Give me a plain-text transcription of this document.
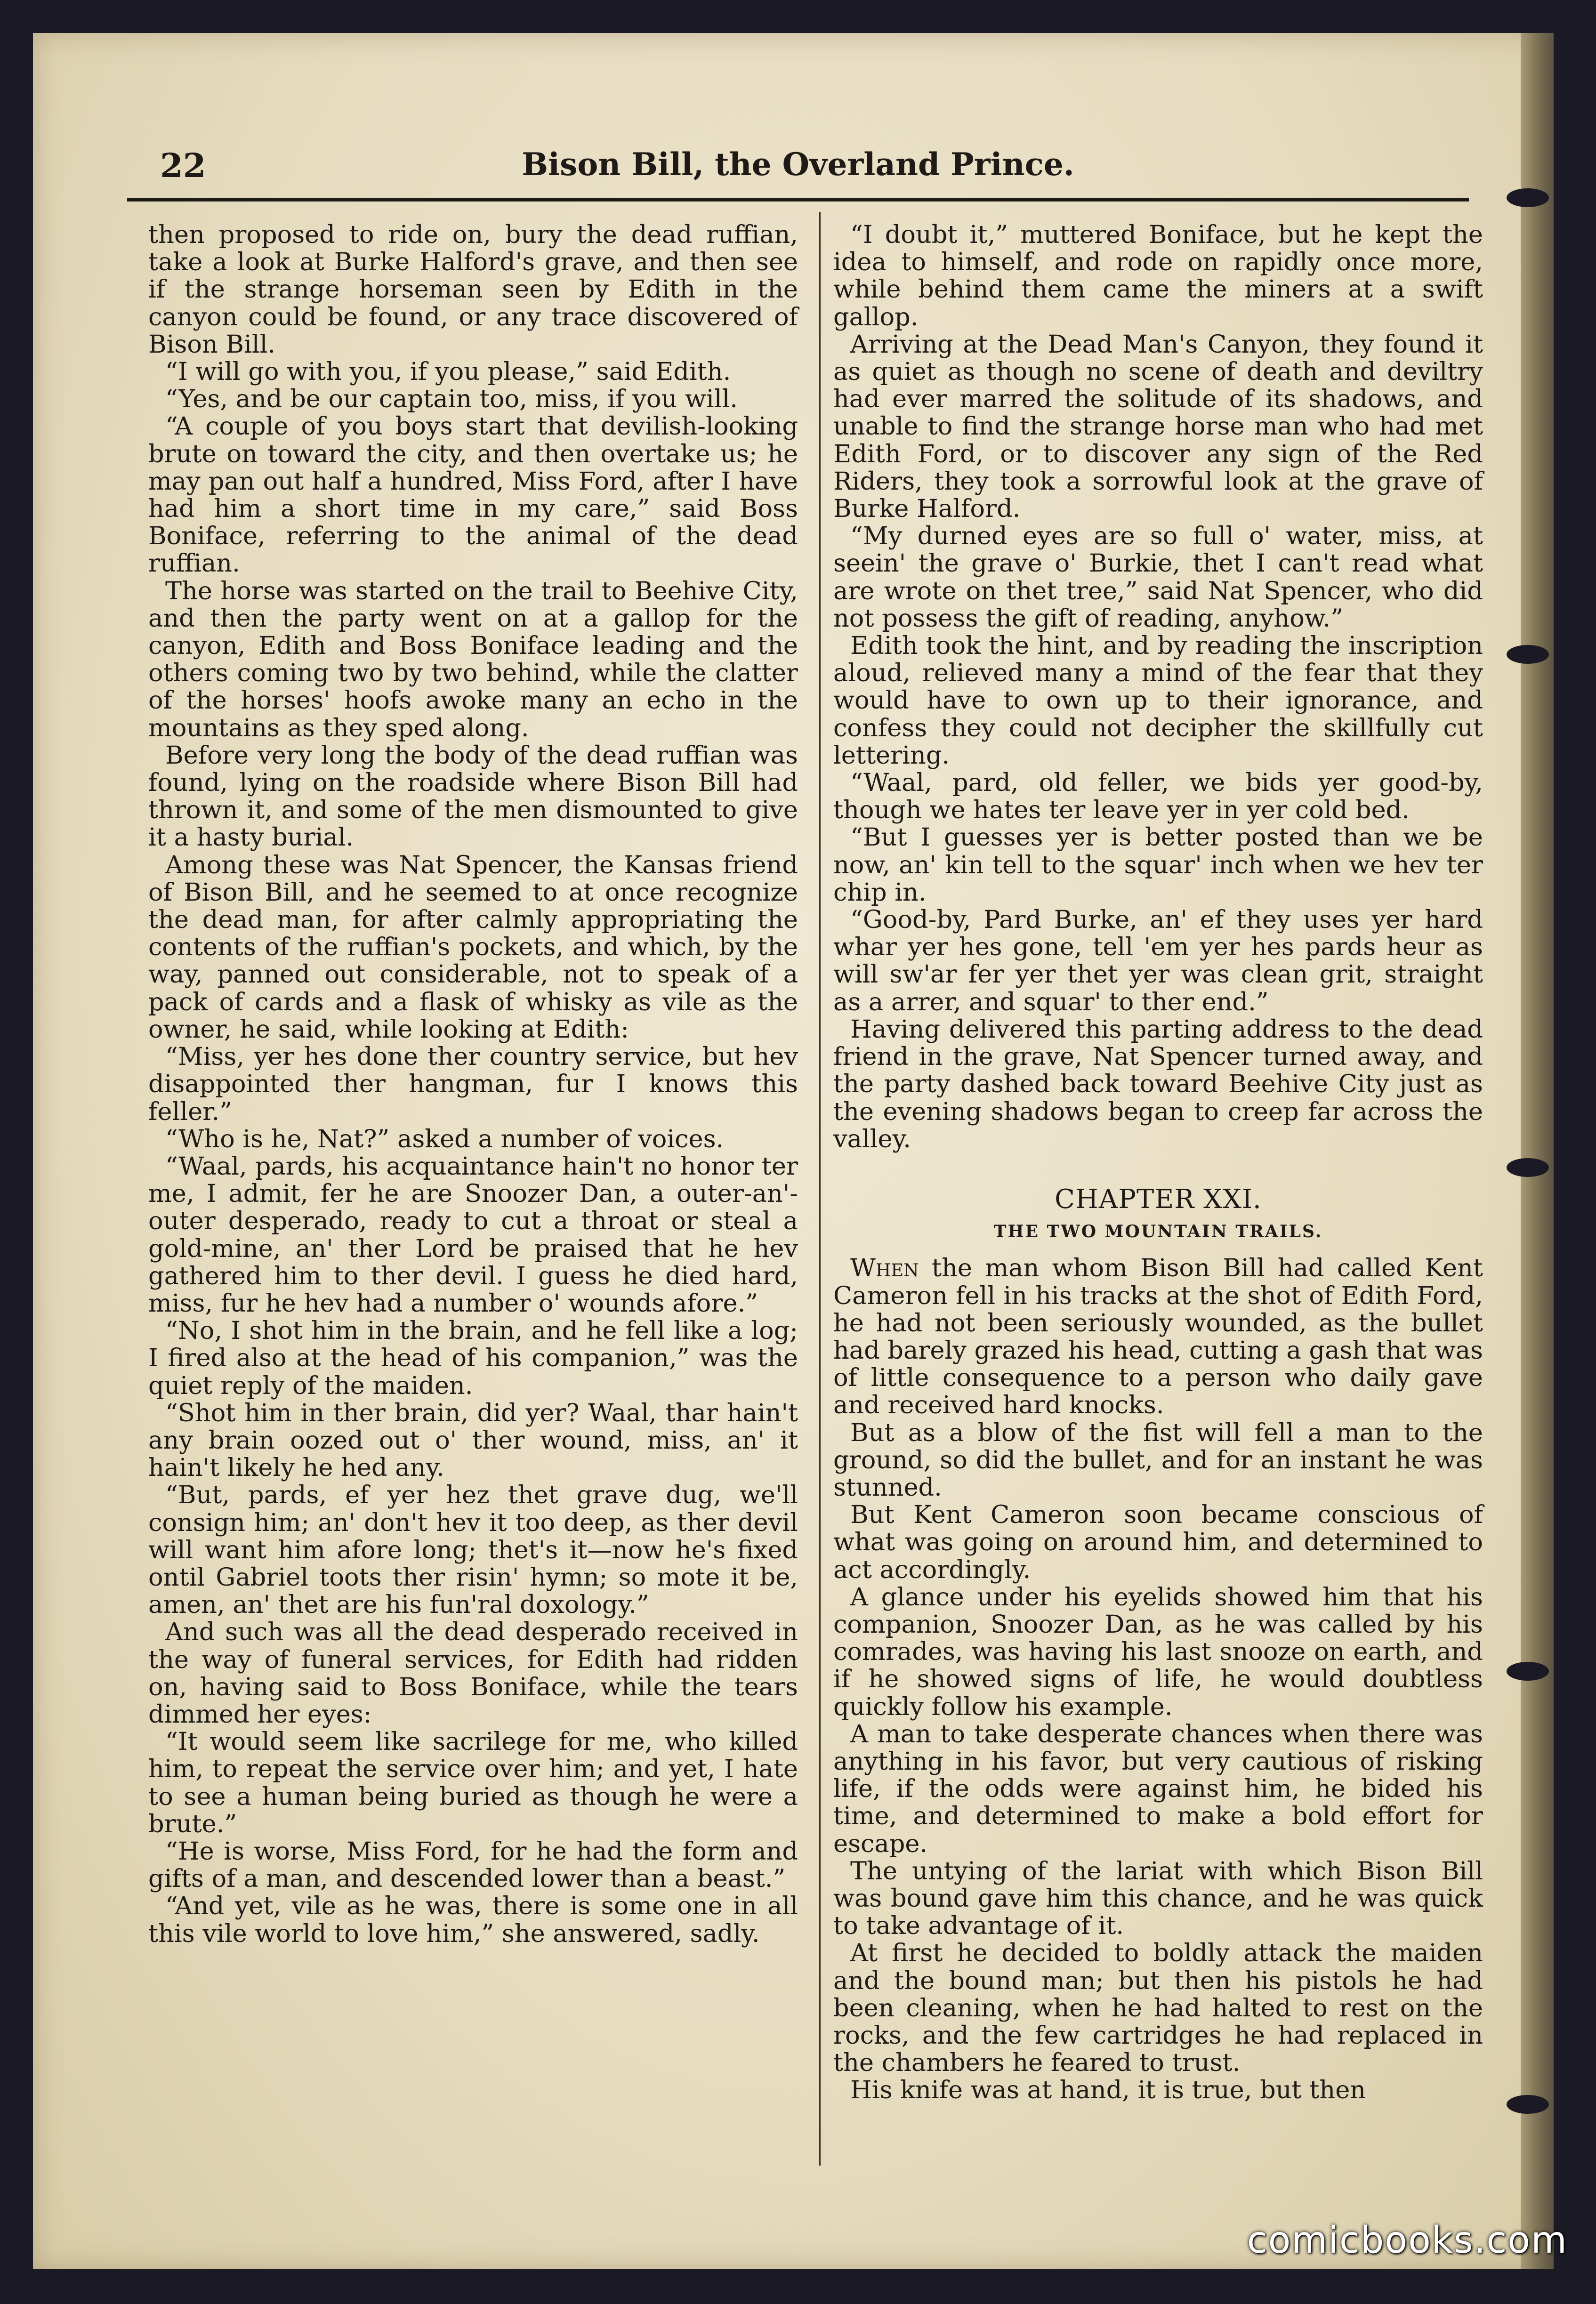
22	Bison Bill, the Overland Prince.

then proposed to ride on, bury the dead ruffian, take a look at Burke Halford's grave, and then see if the strange horseman seen by Edith in the canyon could be found, or any trace discovered of Bison Bill.

“I will go with you, if you please,” said Edith.

“Yes, and be our captain too, miss, if you will.

“A couple of you boys start that devilish-looking brute on toward the city, and then overtake us; he may pan out half a hundred, Miss Ford, after I have had him a short time in my care,” said Boss Boniface, referring to the animal of the dead ruffian.

The horse was started on the trail to Beehive City, and then the party went on at a gallop for the canyon, Edith and Boss Boniface leading and the others coming two by two behind, while the clatter of the horses' hoofs awoke many an echo in the mountains as they sped along.

Before very long the body of the dead ruffian was found, lying on the roadside where Bison Bill had thrown it, and some of the men dismounted to give it a hasty burial.

Among these was Nat Spencer, the Kansas friend of Bison Bill, and he seemed to at once recognize the dead man, for after calmly appropriating the contents of the ruffian's pockets, and which, by the way, panned out considerable, not to speak of a pack of cards and a flask of whisky as vile as the owner, he said, while looking at Edith:

“Miss, yer hes done ther country service, but hev disappointed ther hangman, fur I knows this feller.”

“Who is he, Nat?” asked a number of voices.

“Waal, pards, his acquaintance hain't no honor ter me, I admit, fer he are Snoozer Dan, a outer-an'-outer desperado, ready to cut a throat or steal a gold-mine, an' ther Lord be praised that he hev gathered him to ther devil. I guess he died hard, miss, fur he hev had a number o' wounds afore.”

“No, I shot him in the brain, and he fell like a log; I fired also at the head of his companion,” was the quiet reply of the maiden.

“Shot him in ther brain, did yer? Waal, thar hain't any brain oozed out o' ther wound, miss, an' it hain't likely he hed any.

“But, pards, ef yer hez thet grave dug, we'll consign him; an' don't hev it too deep, as ther devil will want him afore long; thet's it—now he's fixed ontil Gabriel toots ther risin' hymn; so mote it be, amen, an' thet are his fun'ral doxology.”

And such was all the dead desperado received in the way of funeral services, for Edith had ridden on, having said to Boss Boniface, while the tears dimmed her eyes:

“It would seem like sacrilege for me, who killed him, to repeat the service over him; and yet, I hate to see a human being buried as though he were a brute.”

“He is worse, Miss Ford, for he had the form and gifts of a man, and descended lower than a beast.”

“And yet, vile as he was, there is some one in all this vile world to love him,” she answered, sadly.

“I doubt it,” muttered Boniface, but he kept the idea to himself, and rode on rapidly once more, while behind them came the miners at a swift gallop.

Arriving at the Dead Man's Canyon, they found it as quiet as though no scene of death and deviltry had ever marred the solitude of its shadows, and unable to find the strange horse man who had met Edith Ford, or to discover any sign of the Red Riders, they took a sorrowful look at the grave of Burke Halford.

“My durned eyes are so full o' water, miss, at seein' the grave o' Burkie, thet I can't read what are wrote on thet tree,” said Nat Spencer, who did not possess the gift of reading, anyhow.”

Edith took the hint, and by reading the inscription aloud, relieved many a mind of the fear that they would have to own up to their ignorance, and confess they could not decipher the skillfully cut lettering.

“Waal, pard, old feller, we bids yer good-by, though we hates ter leave yer in yer cold bed.

“But I guesses yer is better posted than we be now, an' kin tell to the squar' inch when we hev ter chip in.

“Good-by, Pard Burke, an' ef they uses yer hard whar yer hes gone, tell 'em yer hes pards heur as will sw'ar fer yer thet yer was clean grit, straight as a arrer, and squar' to ther end.”

Having delivered this parting address to the dead friend in the grave, Nat Spencer turned away, and the party dashed back toward Beehive City just as the evening shadows began to creep far across the valley.

CHAPTER XXI.
THE TWO MOUNTAIN TRAILS.

When the man whom Bison Bill had called Kent Cameron fell in his tracks at the shot of Edith Ford, he had not been seriously wounded, as the bullet had barely grazed his head, cutting a gash that was of little consequence to a person who daily gave and received hard knocks.

But as a blow of the fist will fell a man to the ground, so did the bullet, and for an instant he was stunned.

But Kent Cameron soon became conscious of what was going on around him, and determined to act accordingly.

A glance under his eyelids showed him that his companion, Snoozer Dan, as he was called by his comrades, was having his last snooze on earth, and if he showed signs of life, he would doubtless quickly follow his example.

A man to take desperate chances when there was anything in his favor, but very cautious of risking life, if the odds were against him, he bided his time, and determined to make a bold effort for escape.

The untying of the lariat with which Bison Bill was bound gave him this chance, and he was quick to take advantage of it.

At first he decided to boldly attack the maiden and the bound man; but then his pistols he had been cleaning, when he had halted to rest on the rocks, and the few cartridges he had replaced in the chambers he feared to trust.

His knife was at hand, it is true, but then

comicbooks.com
